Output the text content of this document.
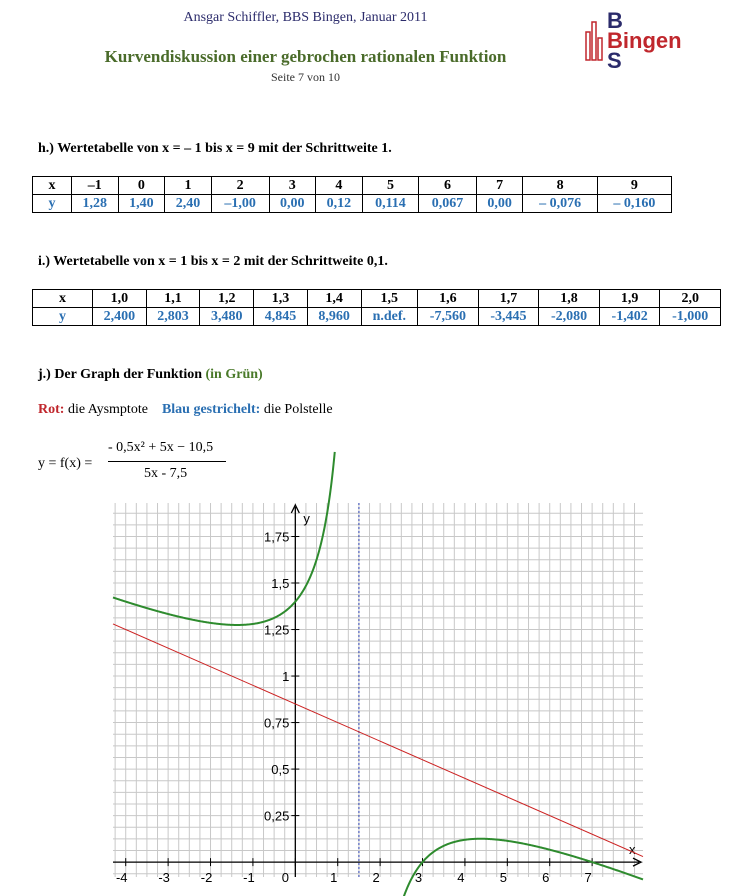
Ansgar Schiffler, BBS Bingen, Januar 2011
Kurvendiskussion einer gebrochen rationalen Funktion
Seite 7 von 10
B
Bingen
S
h.) Wertetabelle von x = – 1 bis x = 9 mit der Schrittweite 1.
x	–1	0	1	2	3	4	5	6	7	8	9
y	1,28	1,40	2,40	–1,00	0,00	0,12	0,114	0,067	0,00	– 0,076	– 0,160
i.) Wertetabelle von x = 1 bis x = 2 mit der Schrittweite 0,1.
x	1,0	1,1	1,2	1,3	1,4	1,5	1,6	1,7	1,8	1,9	2,0
y	2,400	2,803	3,480	4,845	8,960	n.def.	-7,560	-3,445	-2,080	-1,402	-1,000
j.) Der Graph der Funktion (in Grün)
Rot: die Aysmptote Blau gestrichelt: die Polstelle
y = f(x) =
- 0,5x² + 5x − 10,5
5x - 7,5
-4 -3 -2 -1 0	1	2	3	4	5	6	7
0,25
0,5
0,75
1
1,25
1,5
1,75
x
y
